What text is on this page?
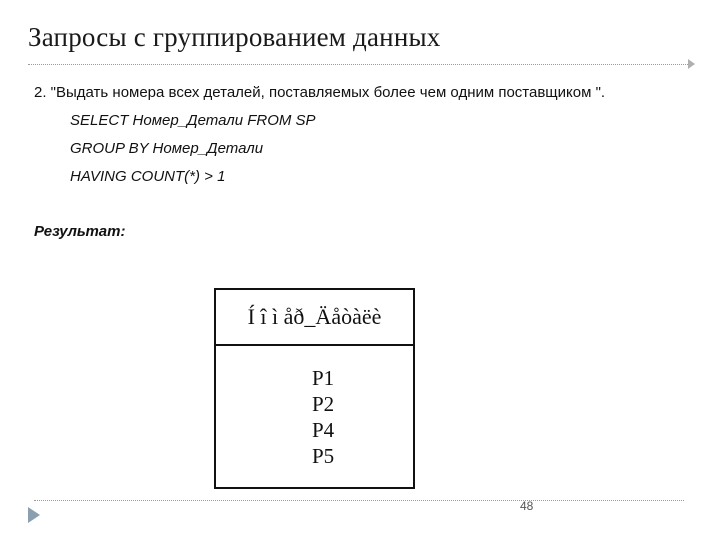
Запросы с группированием данных
2. "Выдать номера всех деталей, поставляемых более чем одним поставщиком ".
SELECT Номер_Детали FROM SP
GROUP BY Номер_Детали
HAVING COUNT(*) > 1
Результат:
Í î ì åð_Äåòàëè
P1
P2
P4
P5
48
